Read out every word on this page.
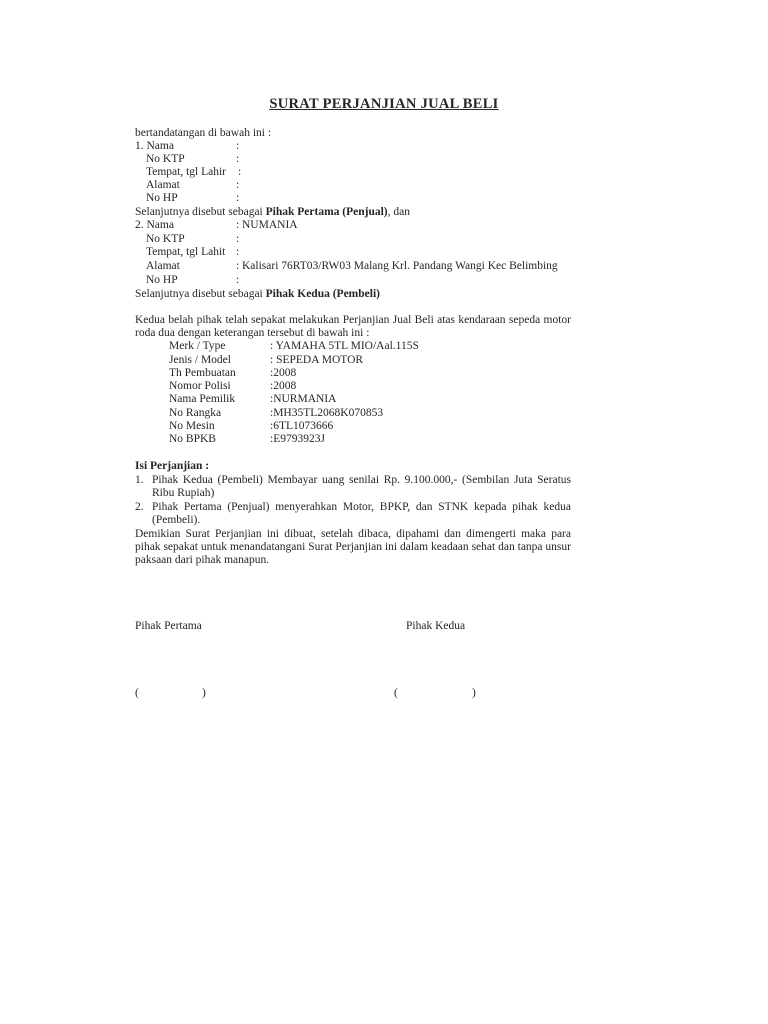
SURAT PERJANJIAN JUAL BELI
bertandatangan di bawah ini :
1. Nama	:
No KTP	:
Tempat, tgl Lahir :
Alamat	:
No HP	:
Selanjutnya disebut sebagai Pihak Pertama (Penjual), dan
2. Nama	: NUMANIA
No KTP	:
Tempat, tgl Lahit :
Alamat	: Kalisari 76RT03/RW03 Malang Krl. Pandang Wangi Kec Belimbing
No HP	:
Selanjutnya disebut sebagai Pihak Kedua (Pembeli)
Kedua belah pihak telah sepakat melakukan Perjanjian Jual Beli atas kendaraan sepeda motor roda dua dengan keterangan tersebut di bawah ini :
Merk / Type	: YAMAHA 5TL MIO/Aal.115S
Jenis / Model	: SEPEDA MOTOR
Th Pembuatan	:2008
Nomor Polisi	:2008
Nama Pemilik	:NURMANIA
No Rangka	:MH35TL2068K070853
No Mesin	:6TL1073666
No BPKB	:E9793923J
Isi Perjanjian :
1. Pihak Kedua (Pembeli) Membayar uang senilai Rp. 9.100.000,- (Sembilan Juta Seratus Ribu Rupiah)
2. Pihak Pertama (Penjual) menyerahkan Motor, BPKP, dan STNK kepada pihak kedua (Pembeli).
Demikian Surat Perjanjian ini dibuat, setelah dibaca, dipahami dan dimengerti maka para pihak sepakat untuk menandatangani Surat Perjanjian ini dalam keadaan sehat dan tanpa unsur paksaan dari pihak manapun.
Pihak Pertama	Pihak Kedua
(	)	(	)
